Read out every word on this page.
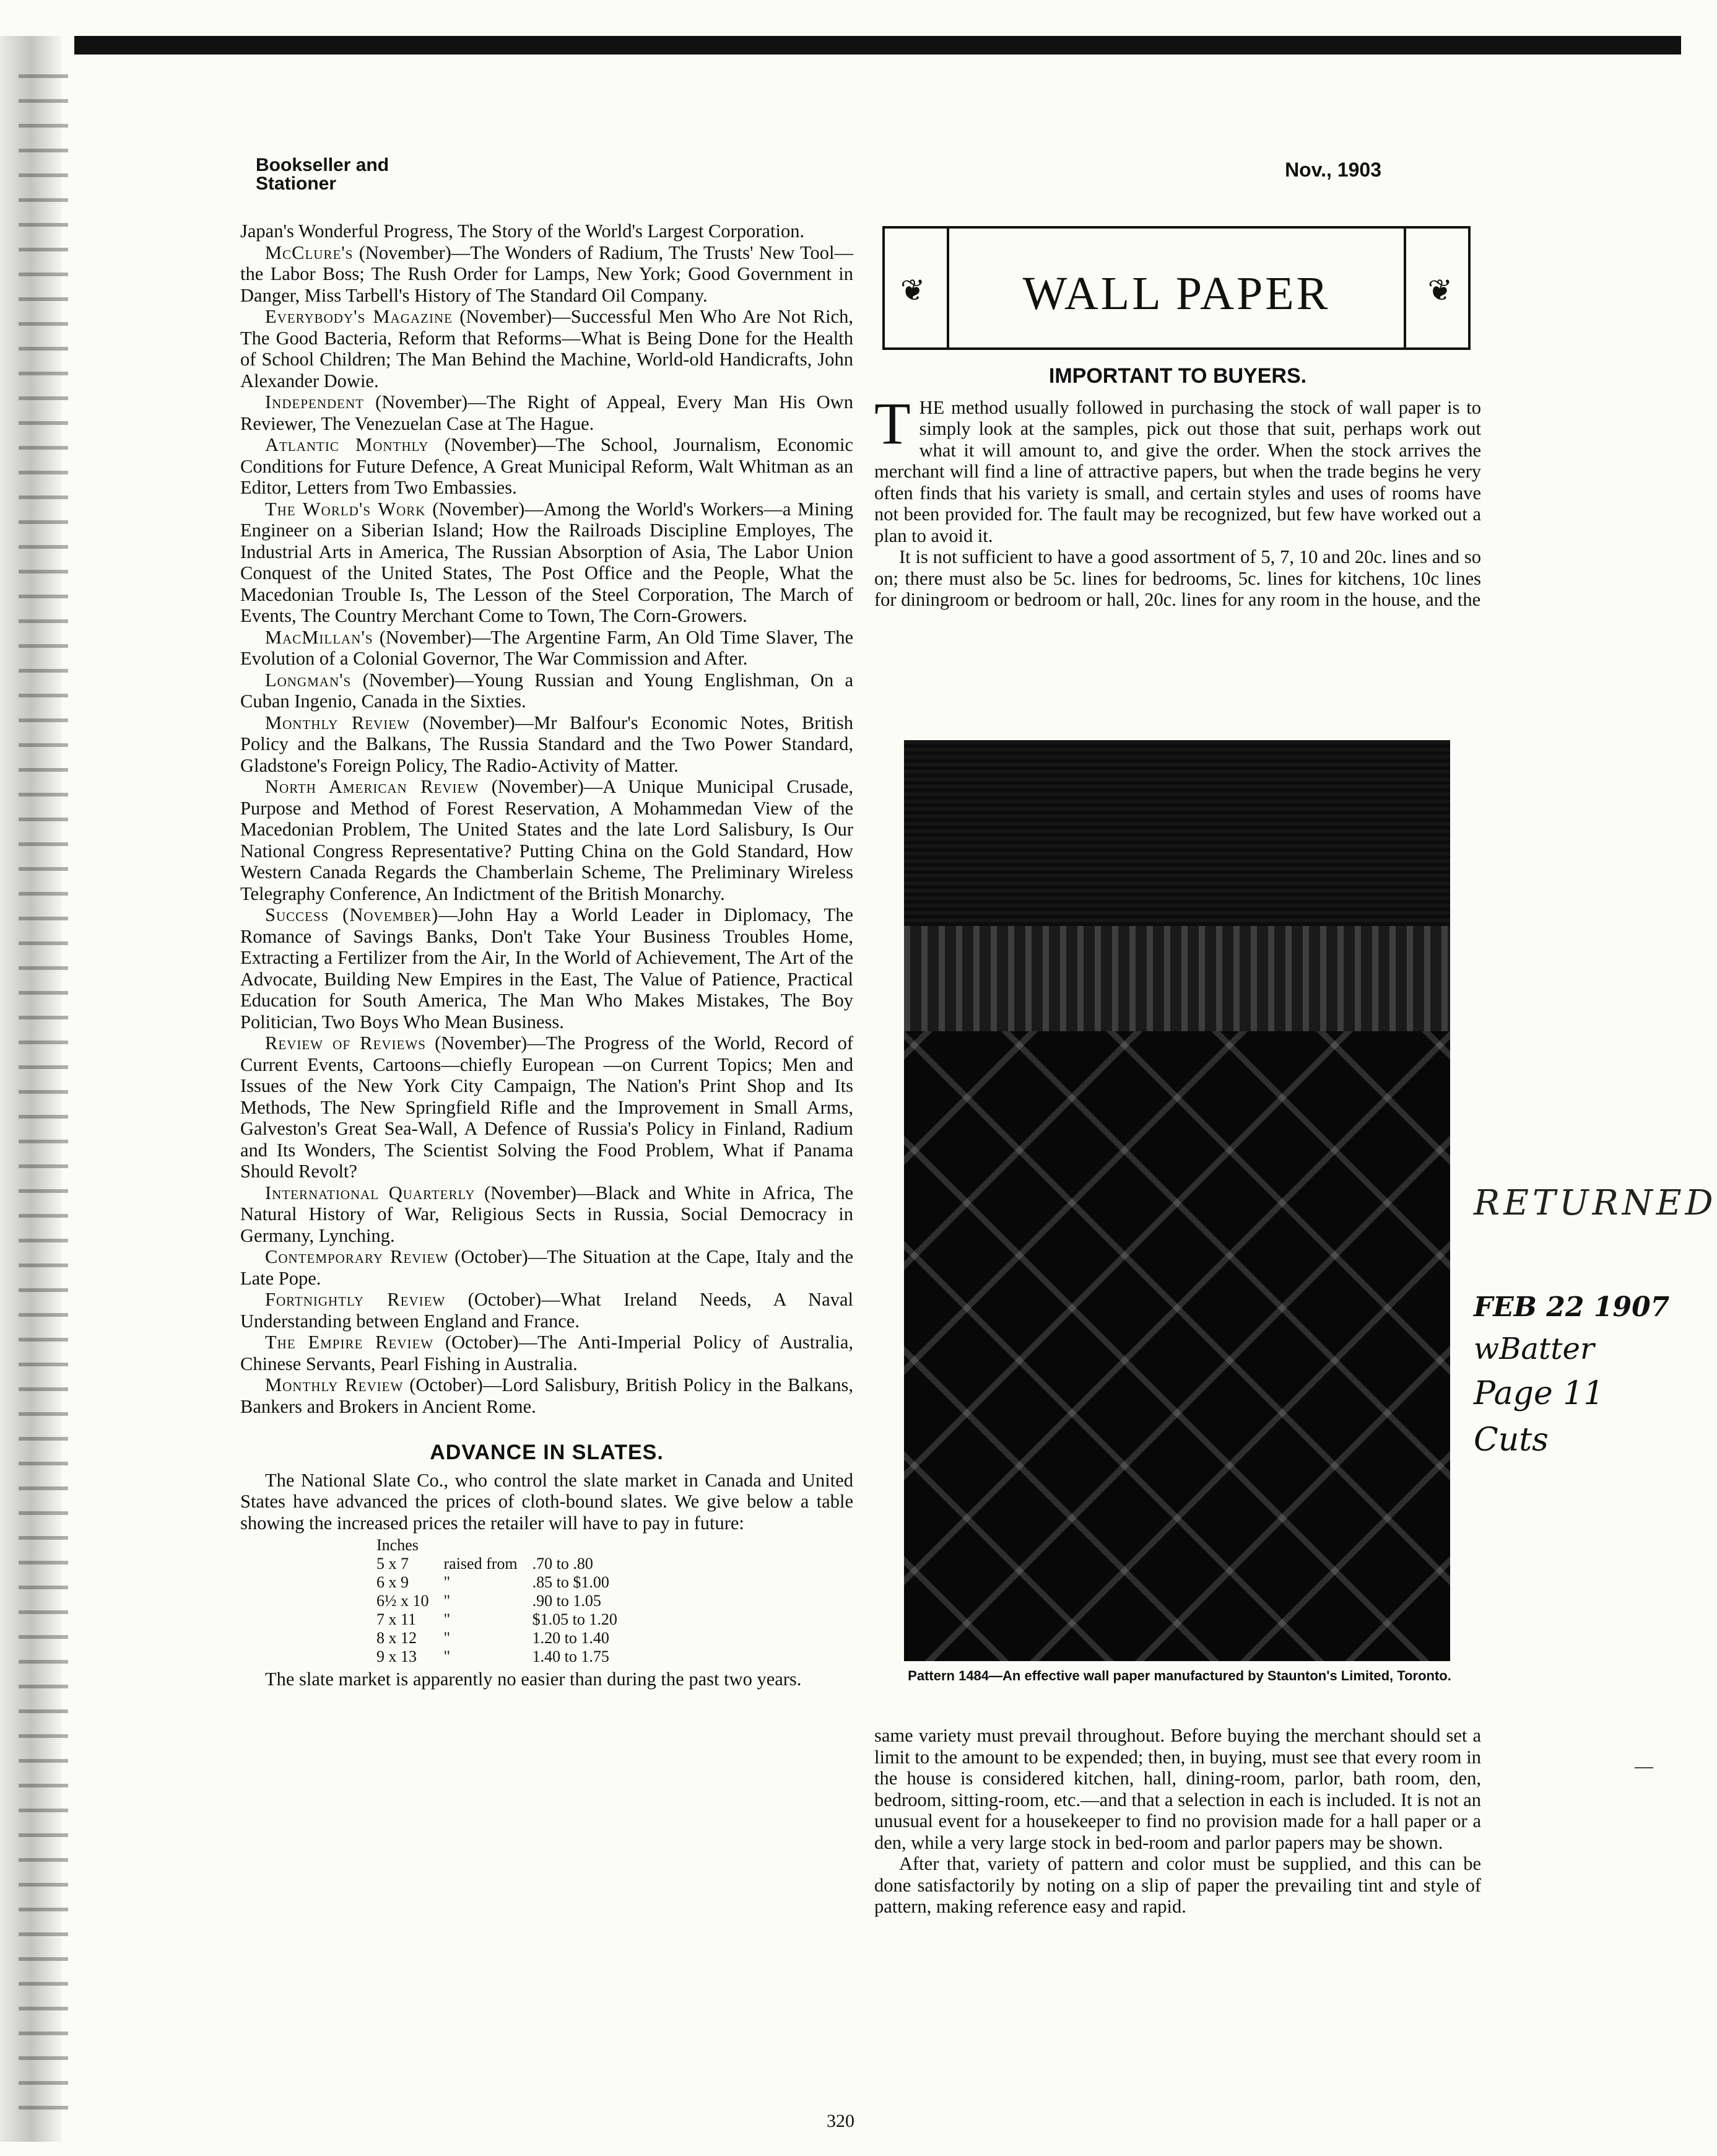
Bookseller and
Stationer
Nov., 1903

Japan's Wonderful Progress, The Story of the World's Largest Corporation.

McClure's (November)—The Wonders of Radium, The Trusts' New Tool—the Labor Boss; The Rush Order for Lamps, New York; Good Government in Danger, Miss Tarbell's History of The Standard Oil Company.

Everybody's Magazine (November)—Successful Men Who Are Not Rich, The Good Bacteria, Reform that Reforms—What is Being Done for the Health of School Children; The Man Behind the Machine, World-old Handicrafts, John Alexander Dowie.

Independent (November)—The Right of Appeal, Every Man His Own Reviewer, The Venezuelan Case at The Hague.

Atlantic Monthly (November)—The School, Journalism, Economic Conditions for Future Defence, A Great Municipal Reform, Walt Whitman as an Editor, Letters from Two Embassies.

The World's Work (November)—Among the World's Workers—a Mining Engineer on a Siberian Island; How the Railroads Discipline Employes, The Industrial Arts in America, The Russian Absorption of Asia, The Labor Union Conquest of the United States, The Post Office and the People, What the Macedonian Trouble Is, The Lesson of the Steel Corporation, The March of Events, The Country Merchant Come to Town, The Corn-Growers.

MacMillan's (November)—The Argentine Farm, An Old Time Slaver, The Evolution of a Colonial Governor, The War Commission and After.

Longman's (November)—Young Russian and Young Englishman, On a Cuban Ingenio, Canada in the Sixties.

Monthly Review (November)—Mr Balfour's Economic Notes, British Policy and the Balkans, The Russia Standard and the Two Power Standard, Gladstone's Foreign Policy, The Radio-Activity of Matter.

North American Review (November)—A Unique Municipal Crusade, Purpose and Method of Forest Reservation, A Mohammedan View of the Macedonian Problem, The United States and the late Lord Salisbury, Is Our National Congress Representative? Putting China on the Gold Standard, How Western Canada Regards the Chamberlain Scheme, The Preliminary Wireless Telegraphy Conference, An Indictment of the British Monarchy.

Success (November)—John Hay a World Leader in Diplomacy, The Romance of Savings Banks, Don't Take Your Business Troubles Home, Extracting a Fertilizer from the Air, In the World of Achievement, The Art of the Advocate, Building New Empires in the East, The Value of Patience, Practical Education for South America, The Man Who Makes Mistakes, The Boy Politician, Two Boys Who Mean Business.

Review of Reviews (November)—The Progress of the World, Record of Current Events, Cartoons—chiefly European —on Current Topics; Men and Issues of the New York City Campaign, The Nation's Print Shop and Its Methods, The New Springfield Rifle and the Improvement in Small Arms, Galveston's Great Sea-Wall, A Defence of Russia's Policy in Finland, Radium and Its Wonders, The Scientist Solving the Food Problem, What if Panama Should Revolt?

International Quarterly (November)—Black and White in Africa, The Natural History of War, Religious Sects in Russia, Social Democracy in Germany, Lynching.

Contemporary Review (October)—The Situation at the Cape, Italy and the Late Pope.

Fortnightly Review (October)—What Ireland Needs, A Naval Understanding between England and France.

The Empire Review (October)—The Anti-Imperial Policy of Australia, Chinese Servants, Pearl Fishing in Australia.

Monthly Review (October)—Lord Salisbury, British Policy in the Balkans, Bankers and Brokers in Ancient Rome.

ADVANCE IN SLATES.

The National Slate Co., who control the slate market in Canada and United States have advanced the prices of cloth-bound slates. We give below a table showing the increased prices the retailer will have to pay in future:

Inches		
5 x 7	raised from	.70 to .80
6 x 9	"	.85 to $1.00
6½ x 10	"	.90 to 1.05
7 x 11	"	$1.05 to 1.20
8 x 12	"	1.20 to 1.40
9 x 13	"	1.40 to 1.75

The slate market is apparently no easier than during the past two years.

❦	WALL PAPER	❦
IMPORTANT TO BUYERS.

THE method usually followed in purchasing the stock of wall paper is to simply look at the samples, pick out those that suit, perhaps work out what it will amount to, and give the order. When the stock arrives the merchant will find a line of attractive papers, but when the trade begins he very often finds that his variety is small, and certain styles and uses of rooms have not been provided for. The fault may be recognized, but few have worked out a plan to avoid it.

It is not sufficient to have a good assortment of 5, 7, 10 and 20c. lines and so on; there must also be 5c. lines for bedrooms, 5c. lines for kitchens, 10c lines for diningroom or bedroom or hall, 20c. lines for any room in the house, and the

Pattern 1484—An effective wall paper manufactured by Staunton's Limited, Toronto.

same variety must prevail throughout. Before buying the merchant should set a limit to the amount to be expended; then, in buying, must see that every room in the house is considered kitchen, hall, dining-room, parlor, bath room, den, bedroom, sitting-room, etc.—and that a selection in each is included. It is not an unusual event for a housekeeper to find no provision made for a hall paper or a den, while a very large stock in bed-room and parlor papers may be shown.

After that, variety of pattern and color must be supplied, and this can be done satisfactorily by noting on a slip of paper the prevailing tint and style of pattern, making reference easy and rapid.

RETURNED
FEB 22 1907
wBatter
Page 11
Cuts
—
320
